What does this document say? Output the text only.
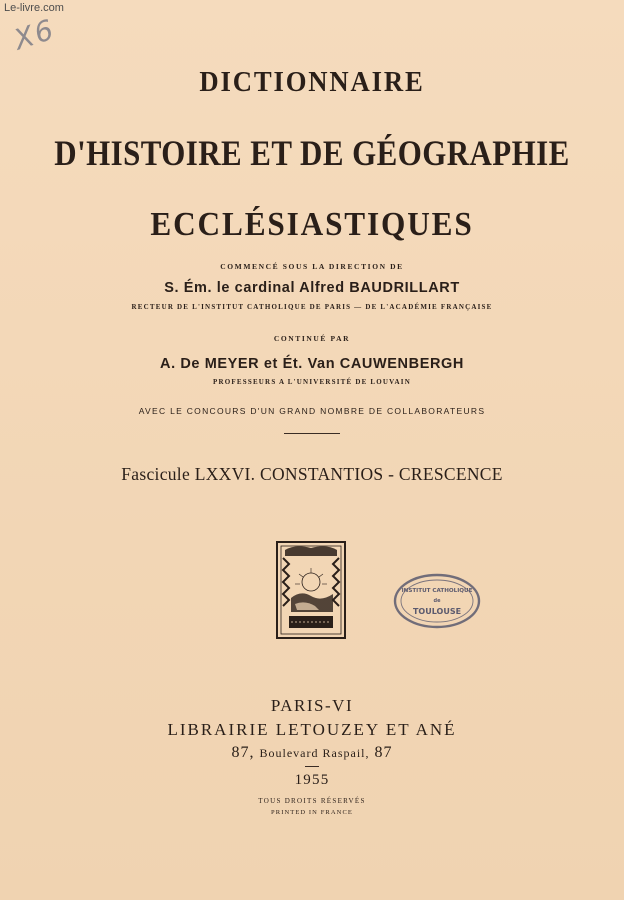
Le-livre.com
X6
DICTIONNAIRE
D'HISTOIRE ET DE GÉOGRAPHIE
ECCLÉSIASTIQUES
COMMENCÉ SOUS LA DIRECTION DE
S. Ém. le cardinal Alfred BAUDRILLART
RECTEUR DE L'INSTITUT CATHOLIQUE DE PARIS — DE L'ACADÉMIE FRANÇAISE
CONTINUÉ PAR
A. De MEYER et Ét. Van CAUWENBERGH
PROFESSEURS A L'UNIVERSITÉ DE LOUVAIN
AVEC LE CONCOURS D'UN GRAND NOMBRE DE COLLABORATEURS
Fascicule LXXVI. CONSTANTIOS - CRESCENCE
INSTITUT CATHOLIQUE
de
TOULOUSE
PARIS-VI
LIBRAIRIE LETOUZEY ET ANÉ
87, Boulevard Raspail, 87
1955
TOUS DROITS RÉSERVÉS
PRINTED IN FRANCE
